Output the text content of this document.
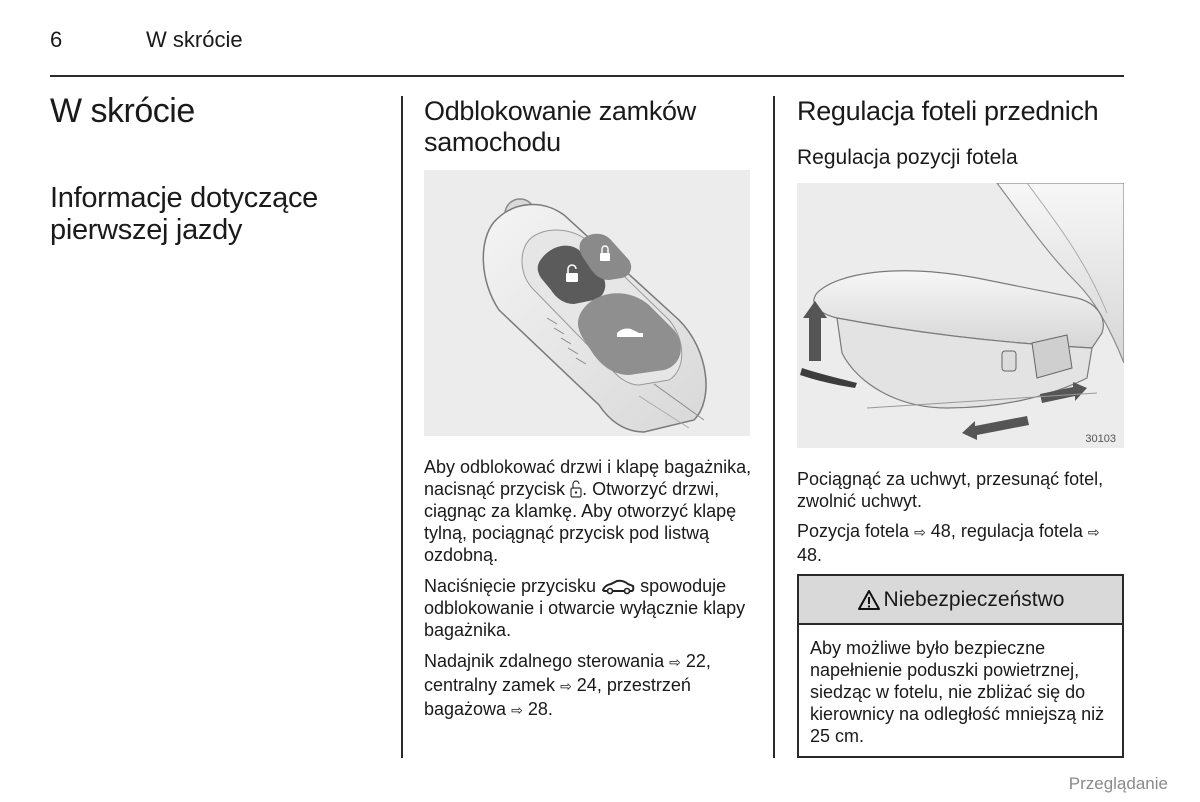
6	W skrócie
W skrócie
Informacje dotyczące pierwszej jazdy
Odblokowanie zamków samochodu
Aby odblokować drzwi i klapę bagażnika, nacisnąć przycisk . Otworzyć drzwi, ciągnąc za klamkę. Aby otworzyć klapę tylną, pociągnąć przycisk pod listwą ozdobną.
Naciśnięcie przycisku  spowoduje odblokowanie i otwarcie wyłącznie klapy bagażnika.
Nadajnik zdalnego sterowania ⇨ 22, centralny zamek ⇨ 24, przestrzeń bagażowa ⇨ 28.
Regulacja foteli przednich
Regulacja pozycji fotela
30103
Pociągnąć za uchwyt, przesunąć fotel, zwolnić uchwyt.
Pozycja fotela ⇨ 48, regulacja fotela ⇨ 48.
Niebezpieczeństwo
Aby możliwe było bezpieczne napełnienie poduszki powietrznej, siedząc w fotelu, nie zbliżać się do kierownicy na odległość mniejszą niż 25 cm.
Przeglądanie
